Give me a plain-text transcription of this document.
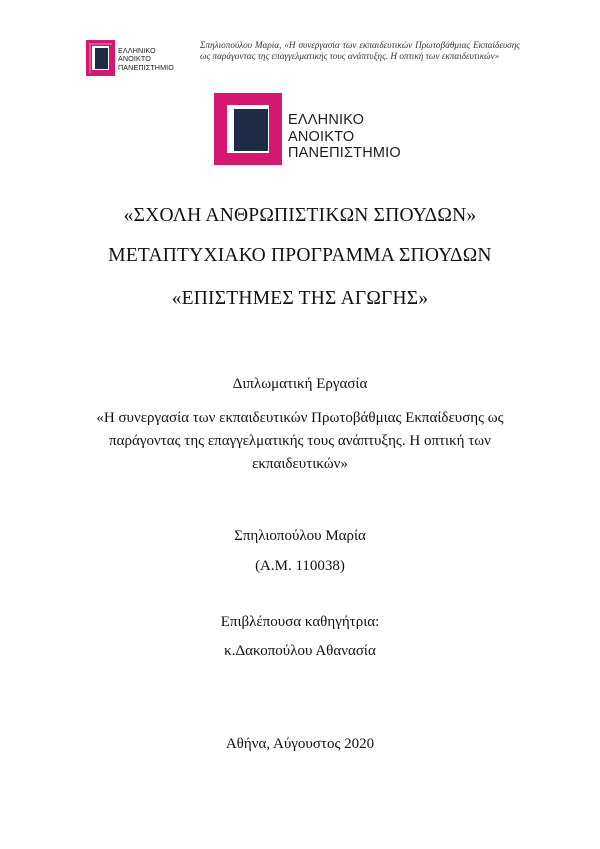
ΕΛΛΗΝΙΚΟ
ΑΝΟΙΚΤΟ
ΠΑΝΕΠΙΣΤΗΜΙΟ
Σπηλιοπούλου Μαρία, «Η συνεργασία των εκπαιδευτικών Πρωτοβάθμιας Εκπαίδευσης ως παράγοντας της επαγγελματικής τους ανάπτυξης. Η οπτική των εκπαιδευτικών»
ΕΛΛΗΝΙΚΟ
ΑΝΟΙΚΤΟ
ΠΑΝΕΠΙΣΤΗΜΙΟ
«ΣΧΟΛΗ ΑΝΘΡΩΠΙΣΤΙΚΩΝ ΣΠΟΥΔΩΝ»
ΜΕΤΑΠΤΥΧΙΑΚΟ ΠΡΟΓΡΑΜΜΑ ΣΠΟΥΔΩΝ
«ΕΠΙΣΤΗΜΕΣ ΤΗΣ ΑΓΩΓΗΣ»
Διπλωματική Εργασία
«Η συνεργασία των εκπαιδευτικών Πρωτοβάθμιας Εκπαίδευσης ως
παράγοντας της επαγγελματικής τους ανάπτυξης. Η οπτική των
εκπαιδευτικών»
Σπηλιοπούλου Μαρία
(Α.Μ. 110038)
Επιβλέπουσα καθηγήτρια:
κ.Δακοπούλου Αθανασία
Αθήνα, Αύγουστος 2020
